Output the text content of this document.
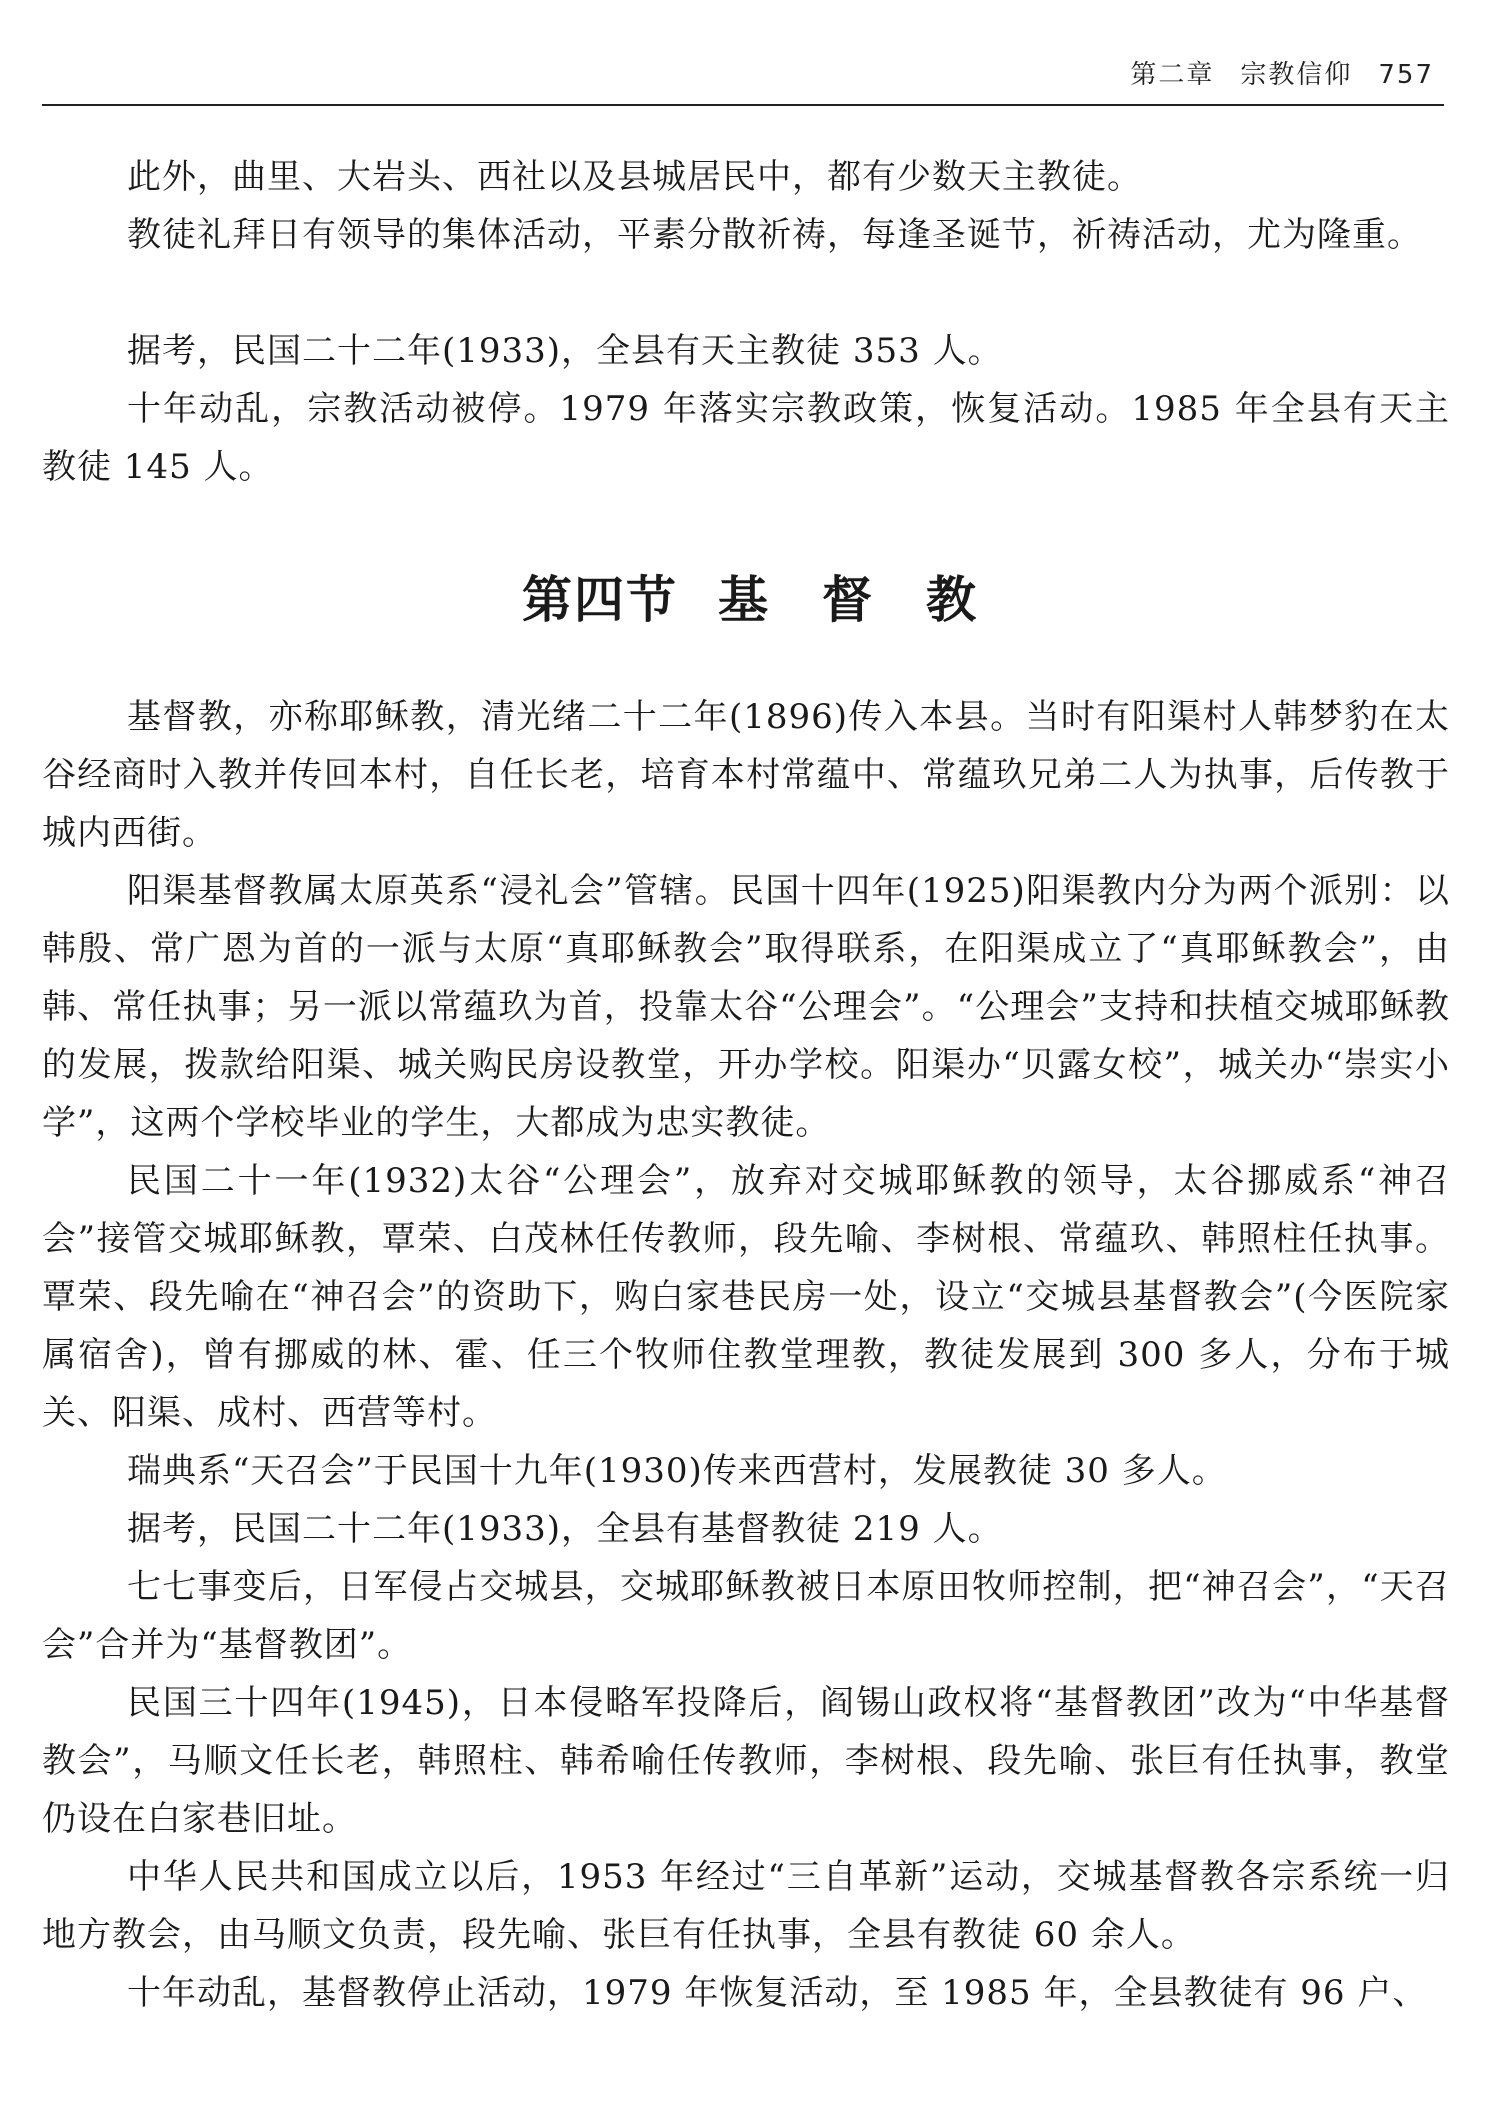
第二章 宗教信仰 757

此外，曲里、大岩头、西社以及县城居民中，都有少数天主教徒。

教徒礼拜日有领导的集体活动，平素分散祈祷，每逢圣诞节，祈祷活动，尤为隆重。

据考，民国二十二年(1933)，全县有天主教徒 353 人。

十年动乱，宗教活动被停。1979 年落实宗教政策，恢复活动。1985 年全县有天主教徒 145 人。

第四节 基　督　教

基督教，亦称耶稣教，清光绪二十二年(1896)传入本县。当时有阳渠村人韩梦豹在太谷经商时入教并传回本村，自任长老，培育本村常蕴中、常蕴玖兄弟二人为执事，后传教于城内西街。

阳渠基督教属太原英系“浸礼会”管辖。民国十四年(1925)阳渠教内分为两个派别：以韩殷、常广恩为首的一派与太原“真耶稣教会”取得联系，在阳渠成立了“真耶稣教会”，由韩、常任执事；另一派以常蕴玖为首，投靠太谷“公理会”。“公理会”支持和扶植交城耶稣教的发展，拨款给阳渠、城关购民房设教堂，开办学校。阳渠办“贝露女校”，城关办“崇实小学”，这两个学校毕业的学生，大都成为忠实教徒。

民国二十一年(1932)太谷“公理会”，放弃对交城耶稣教的领导，太谷挪威系“神召会”接管交城耶稣教，覃荣、白茂林任传教师，段先喻、李树根、常蕴玖、韩照柱任执事。覃荣、段先喻在“神召会”的资助下，购白家巷民房一处，设立“交城县基督教会”(今医院家属宿舍)，曾有挪威的林、霍、任三个牧师住教堂理教，教徒发展到 300 多人，分布于城关、阳渠、成村、西营等村。

瑞典系“天召会”于民国十九年(1930)传来西营村，发展教徒 30 多人。

据考，民国二十二年(1933)，全县有基督教徒 219 人。

七七事变后，日军侵占交城县，交城耶稣教被日本原田牧师控制，把“神召会”，“天召会”合并为“基督教团”。

民国三十四年(1945)，日本侵略军投降后，阎锡山政权将“基督教团”改为“中华基督教会”，马顺文任长老，韩照柱、韩希喻任传教师，李树根、段先喻、张巨有任执事，教堂仍设在白家巷旧址。

中华人民共和国成立以后，1953 年经过“三自革新”运动，交城基督教各宗系统一归地方教会，由马顺文负责，段先喻、张巨有任执事，全县有教徒 60 余人。

十年动乱，基督教停止活动，1979 年恢复活动，至 1985 年，全县教徒有 96 户、
